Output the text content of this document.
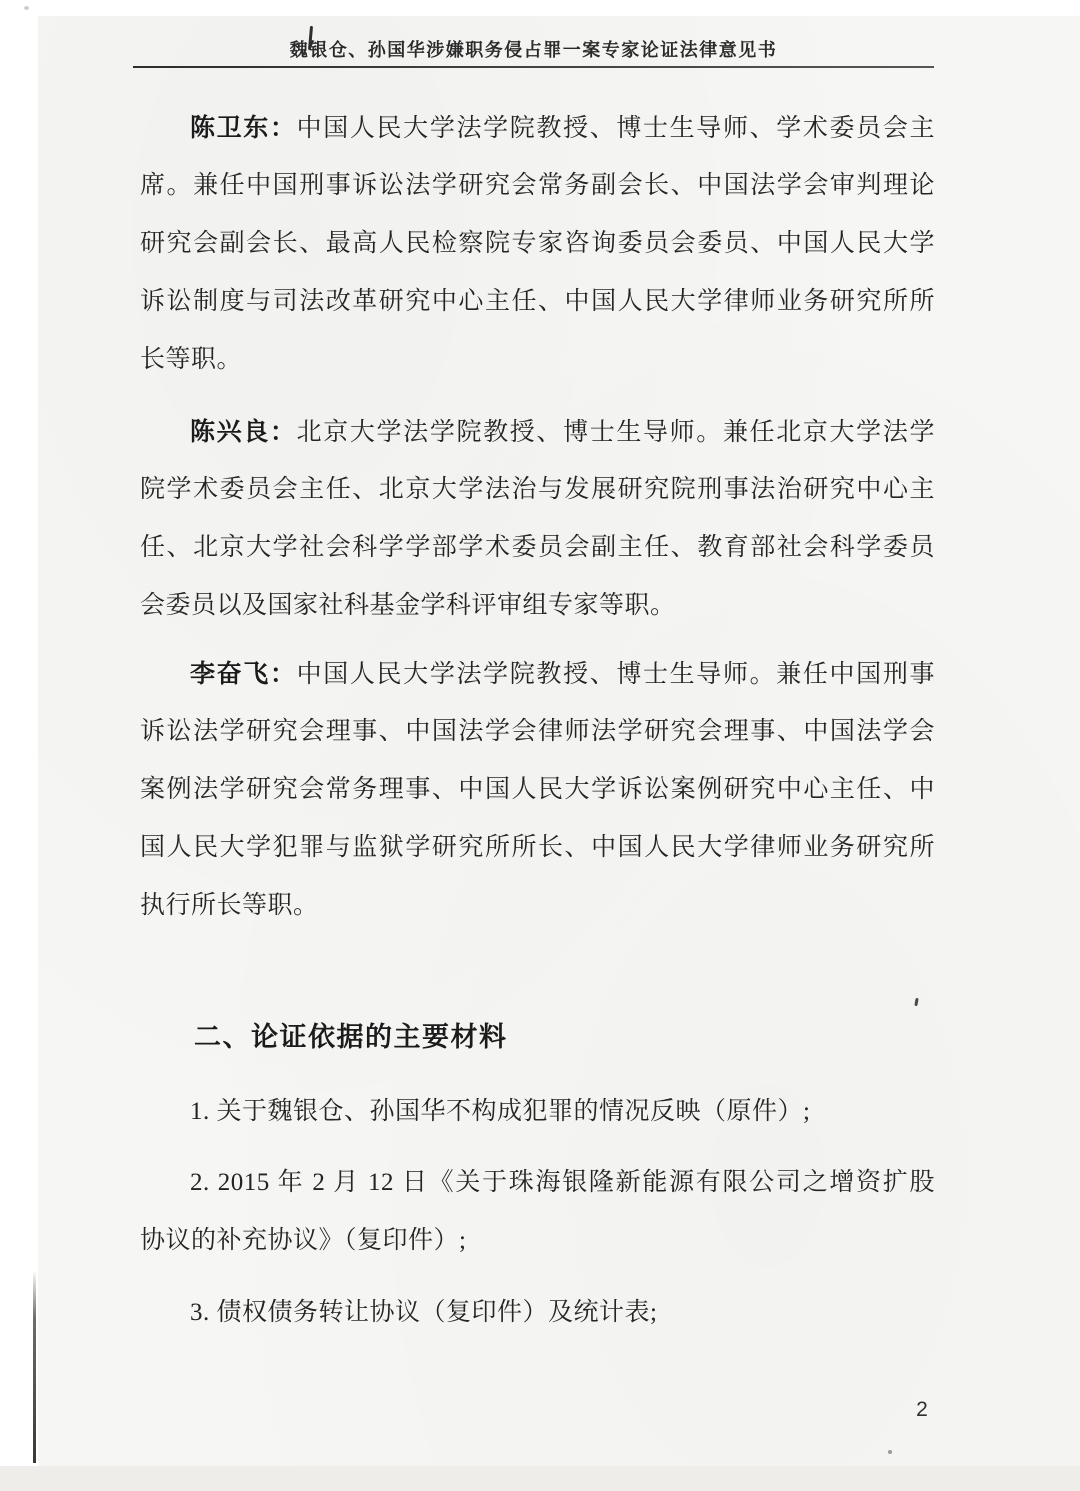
魏银仓、孙国华涉嫌职务侵占罪一案专家论证法律意见书
陈卫东：中国人民大学法学院教授、博士生导师、学术委员会主
席。兼任中国刑事诉讼法学研究会常务副会长、中国法学会审判理论
研究会副会长、最高人民检察院专家咨询委员会委员、中国人民大学
诉讼制度与司法改革研究中心主任、中国人民大学律师业务研究所所
长等职。
陈兴良：北京大学法学院教授、博士生导师。兼任北京大学法学
院学术委员会主任、北京大学法治与发展研究院刑事法治研究中心主
任、北京大学社会科学学部学术委员会副主任、教育部社会科学委员
会委员以及国家社科基金学科评审组专家等职。
李奋飞：中国人民大学法学院教授、博士生导师。兼任中国刑事
诉讼法学研究会理事、中国法学会律师法学研究会理事、中国法学会
案例法学研究会常务理事、中国人民大学诉讼案例研究中心主任、中
国人民大学犯罪与监狱学研究所所长、中国人民大学律师业务研究所
执行所长等职。
二、论证依据的主要材料
1. 关于魏银仓、孙国华不构成犯罪的情况反映（原件）;
2. 2015 年 2 月 12 日《关于珠海银隆新能源有限公司之增资扩股
协议的补充协议》（复印件）;
3. 债权债务转让协议（复印件）及统计表;
2
